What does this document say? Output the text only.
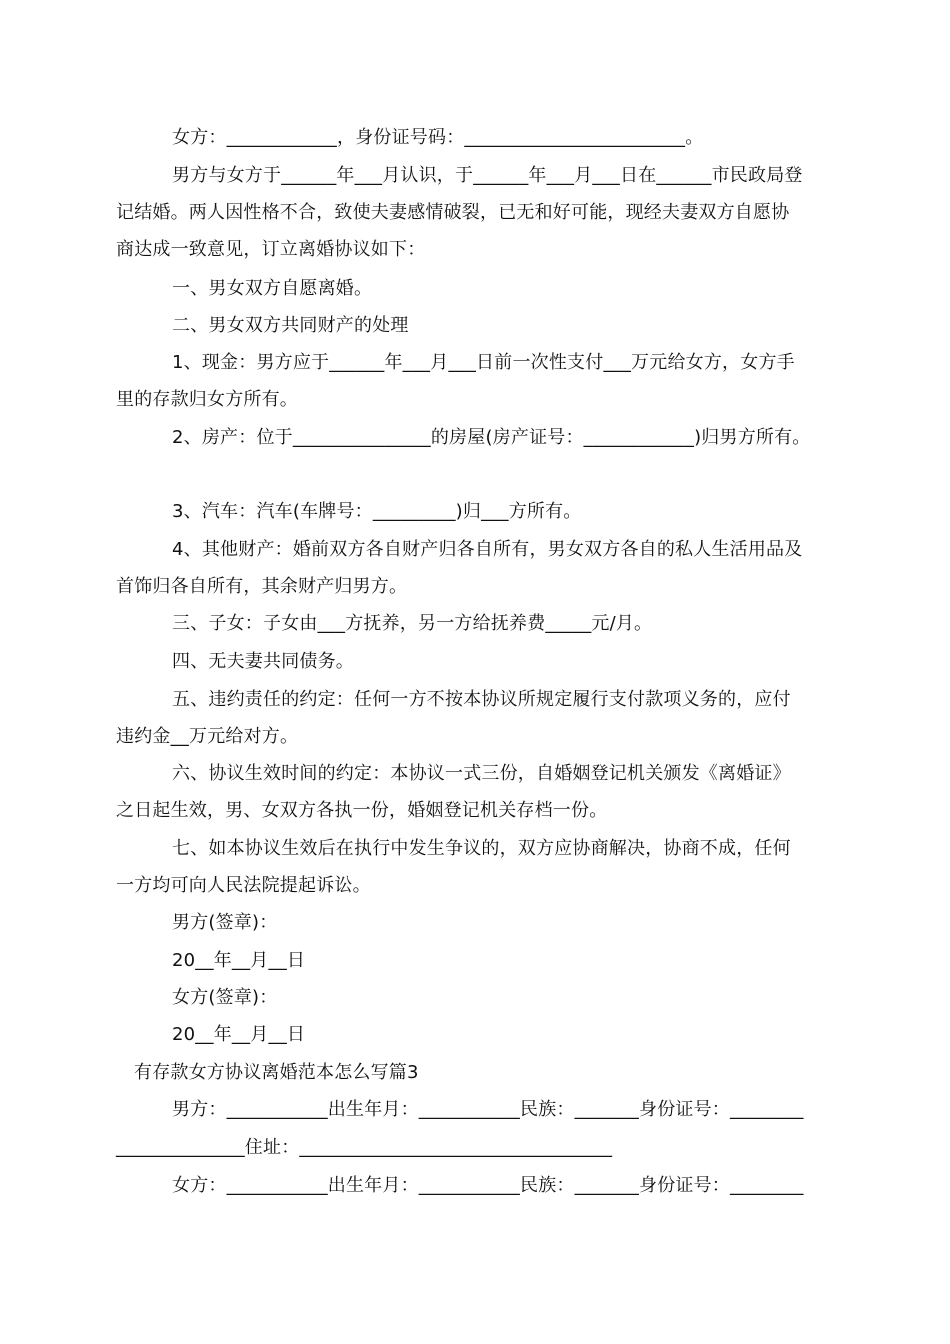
女方：____________，身份证号码：________________________。
男方与女方于______年___月认识，于______年___月___日在______市民政局登
记结婚。两人因性格不合，致使夫妻感情破裂，已无和好可能，现经夫妻双方自愿协
商达成一致意见，订立离婚协议如下：
一、男女双方自愿离婚。
二、男女双方共同财产的处理
1、现金：男方应于______年___月___日前一次性支付___万元给女方，女方手
里的存款归女方所有。
2、房产：位于_______________的房屋(房产证号：____________)归男方所有。
3、汽车：汽车(车牌号：_________)归___方所有。
4、其他财产：婚前双方各自财产归各自所有，男女双方各自的私人生活用品及
首饰归各自所有，其余财产归男方。
三、子女：子女由___方抚养，另一方给抚养费_____元/月。
四、无夫妻共同债务。
五、违约责任的约定：任何一方不按本协议所规定履行支付款项义务的，应付
违约金__万元给对方。
六、协议生效时间的约定：本协议一式三份，自婚姻登记机关颁发《离婚证》
之日起生效，男、女双方各执一份，婚姻登记机关存档一份。
七、如本协议生效后在执行中发生争议的，双方应协商解决，协商不成，任何
一方均可向人民法院提起诉讼。
男方(签章)：
20__年__月__日
女方(签章)：
20__年__月__日
有存款女方协议离婚范本怎么写篇3
男方：___________出生年月：___________民族：_______身份证号：________
______________住址：__________________________________
女方：___________出生年月：___________民族：_______身份证号：________
